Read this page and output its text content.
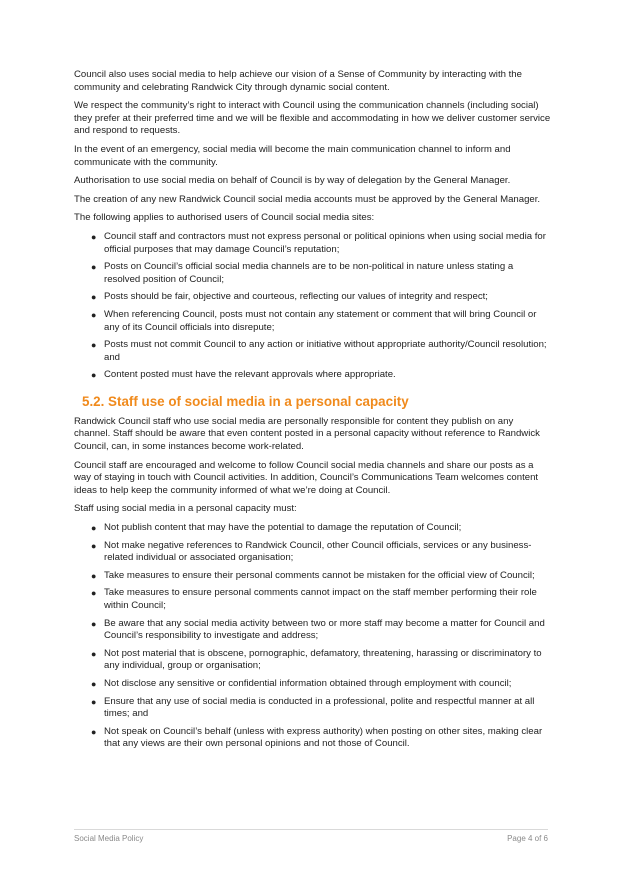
Council also uses social media to help achieve our vision of a Sense of Community by interacting with the community and celebrating Randwick City through dynamic social content.

We respect the community’s right to interact with Council using the communication channels (including social) they prefer at their preferred time and we will be flexible and accommodating in how we deliver customer service and respond to requests.

In the event of an emergency, social media will become the main communication channel to inform and communicate with the community.

Authorisation to use social media on behalf of Council is by way of delegation by the General Manager.

The creation of any new Randwick Council social media accounts must be approved by the General Manager.

The following applies to authorised users of Council social media sites:

● Council staff and contractors must not express personal or political opinions when using social media for official purposes that may damage Council’s reputation;
● Posts on Council’s official social media channels are to be non-political in nature unless stating a resolved position of Council;
● Posts should be fair, objective and courteous, reflecting our values of integrity and respect;
● When referencing Council, posts must not contain any statement or comment that will bring Council or any of its Council officials into disrepute;
● Posts must not commit Council to any action or initiative without appropriate authority/Council resolution; and
● Content posted must have the relevant approvals where appropriate.
5.2. Staff use of social media in a personal capacity

Randwick Council staff who use social media are personally responsible for content they publish on any channel. Staff should be aware that even content posted in a personal capacity without reference to Randwick Council, can, in some instances become work-related.

Council staff are encouraged and welcome to follow Council social media channels and share our posts as a way of staying in touch with Council activities. In addition, Council’s Communications Team welcomes content ideas to help keep the community informed of what we’re doing at Council.

Staff using social media in a personal capacity must:

● Not publish content that may have the potential to damage the reputation of Council;
● Not make negative references to Randwick Council, other Council officials, services or any business-related individual or associated organisation;
● Take measures to ensure their personal comments cannot be mistaken for the official view of Council;
● Take measures to ensure personal comments cannot impact on the staff member performing their role within Council;
● Be aware that any social media activity between two or more staff may become a matter for Council and Council’s responsibility to investigate and address;
● Not post material that is obscene, pornographic, defamatory, threatening, harassing or discriminatory to any individual, group or organisation;
● Not disclose any sensitive or confidential information obtained through employment with council;
● Ensure that any use of social media is conducted in a professional, polite and respectful manner at all times; and
● Not speak on Council’s behalf (unless with express authority) when posting on other sites, making clear that any views are their own personal opinions and not those of Council.
Social Media Policy	Page 4 of 6
